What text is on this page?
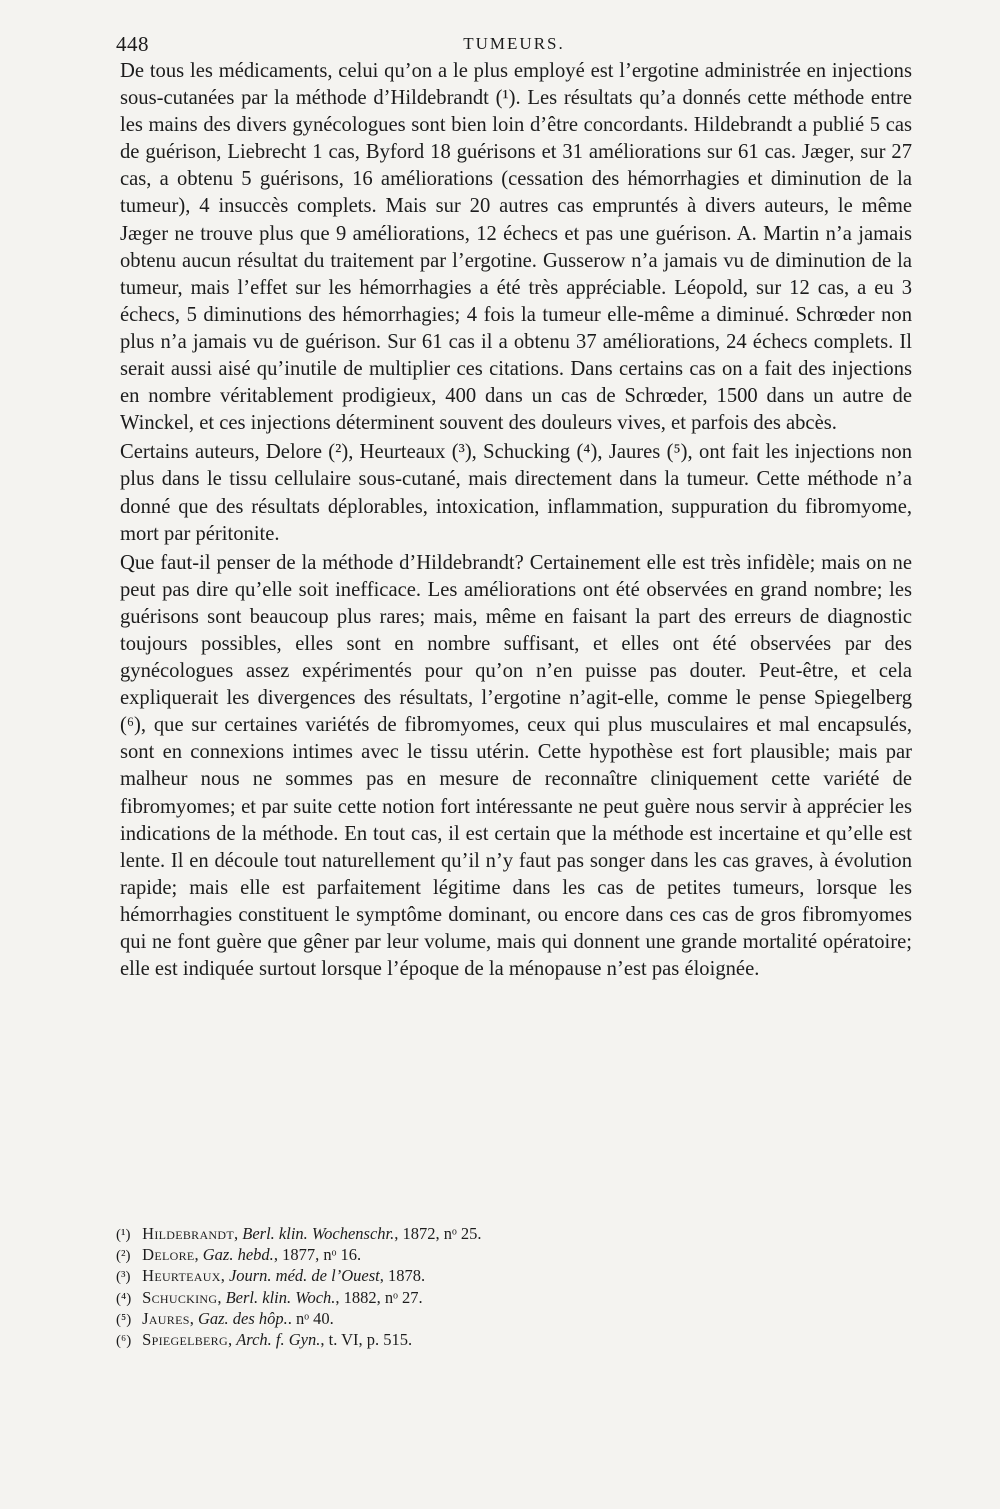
448	TUMEURS.

De tous les médicaments, celui qu’on a le plus employé est l’ergotine administrée en injections sous-cutanées par la méthode d’Hildebrandt (¹). Les résultats qu’a donnés cette méthode entre les mains des divers gynécologues sont bien loin d’être concordants. Hildebrandt a publié 5 cas de guérison, Liebrecht 1 cas, Byford 18 guérisons et 31 améliorations sur 61 cas. Jæger, sur 27 cas, a obtenu 5 guérisons, 16 améliorations (cessation des hémorrhagies et diminution de la tumeur), 4 insuccès complets. Mais sur 20 autres cas empruntés à divers auteurs, le même Jæger ne trouve plus que 9 améliorations, 12 échecs et pas une guérison. A. Martin n’a jamais obtenu aucun résultat du traitement par l’ergotine. Gusserow n’a jamais vu de diminution de la tumeur, mais l’effet sur les hémorrhagies a été très appréciable. Léopold, sur 12 cas, a eu 3 échecs, 5 diminutions des hémorrhagies; 4 fois la tumeur elle-même a diminué. Schrœder non plus n’a jamais vu de guérison. Sur 61 cas il a obtenu 37 améliorations, 24 échecs complets. Il serait aussi aisé qu’inutile de multiplier ces citations. Dans certains cas on a fait des injections en nombre véritablement prodigieux, 400 dans un cas de Schrœder, 1500 dans un autre de Winckel, et ces injections déterminent souvent des douleurs vives, et parfois des abcès.

Certains auteurs, Delore (²), Heurteaux (³), Schucking (⁴), Jaures (⁵), ont fait les injections non plus dans le tissu cellulaire sous-cutané, mais directement dans la tumeur. Cette méthode n’a donné que des résultats déplorables, intoxication, inflammation, suppuration du fibromyome, mort par péritonite.

Que faut-il penser de la méthode d’Hildebrandt? Certainement elle est très infidèle; mais on ne peut pas dire qu’elle soit inefficace. Les améliorations ont été observées en grand nombre; les guérisons sont beaucoup plus rares; mais, même en faisant la part des erreurs de diagnostic toujours possibles, elles sont en nombre suffisant, et elles ont été observées par des gynécologues assez expérimentés pour qu’on n’en puisse pas douter. Peut-être, et cela expliquerait les divergences des résultats, l’ergotine n’agit-elle, comme le pense Spiegelberg (⁶), que sur certaines variétés de fibromyomes, ceux qui plus musculaires et mal encapsulés, sont en connexions intimes avec le tissu utérin. Cette hypothèse est fort plausible; mais par malheur nous ne sommes pas en mesure de reconnaître cliniquement cette variété de fibromyomes; et par suite cette notion fort intéressante ne peut guère nous servir à apprécier les indications de la méthode. En tout cas, il est certain que la méthode est incertaine et qu’elle est lente. Il en découle tout naturellement qu’il n’y faut pas songer dans les cas graves, à évolution rapide; mais elle est parfaitement légitime dans les cas de petites tumeurs, lorsque les hémorrhagies constituent le symptôme dominant, ou encore dans ces cas de gros fibromyomes qui ne font guère que gêner par leur volume, mais qui donnent une grande mortalité opératoire; elle est indiquée surtout lorsque l’époque de la ménopause n’est pas éloignée.

(¹) Hildebrandt, Berl. klin. Wochenschr., 1872, nᵒ 25.
(²) Delore, Gaz. hebd., 1877, nᵒ 16.
(³) Heurteaux, Journ. méd. de l’Ouest, 1878.
(⁴) Schucking, Berl. klin. Woch., 1882, nᵒ 27.
(⁵) Jaures, Gaz. des hôp.. nᵒ 40.
(⁶) Spiegelberg, Arch. f. Gyn., t. VI, p. 515.
